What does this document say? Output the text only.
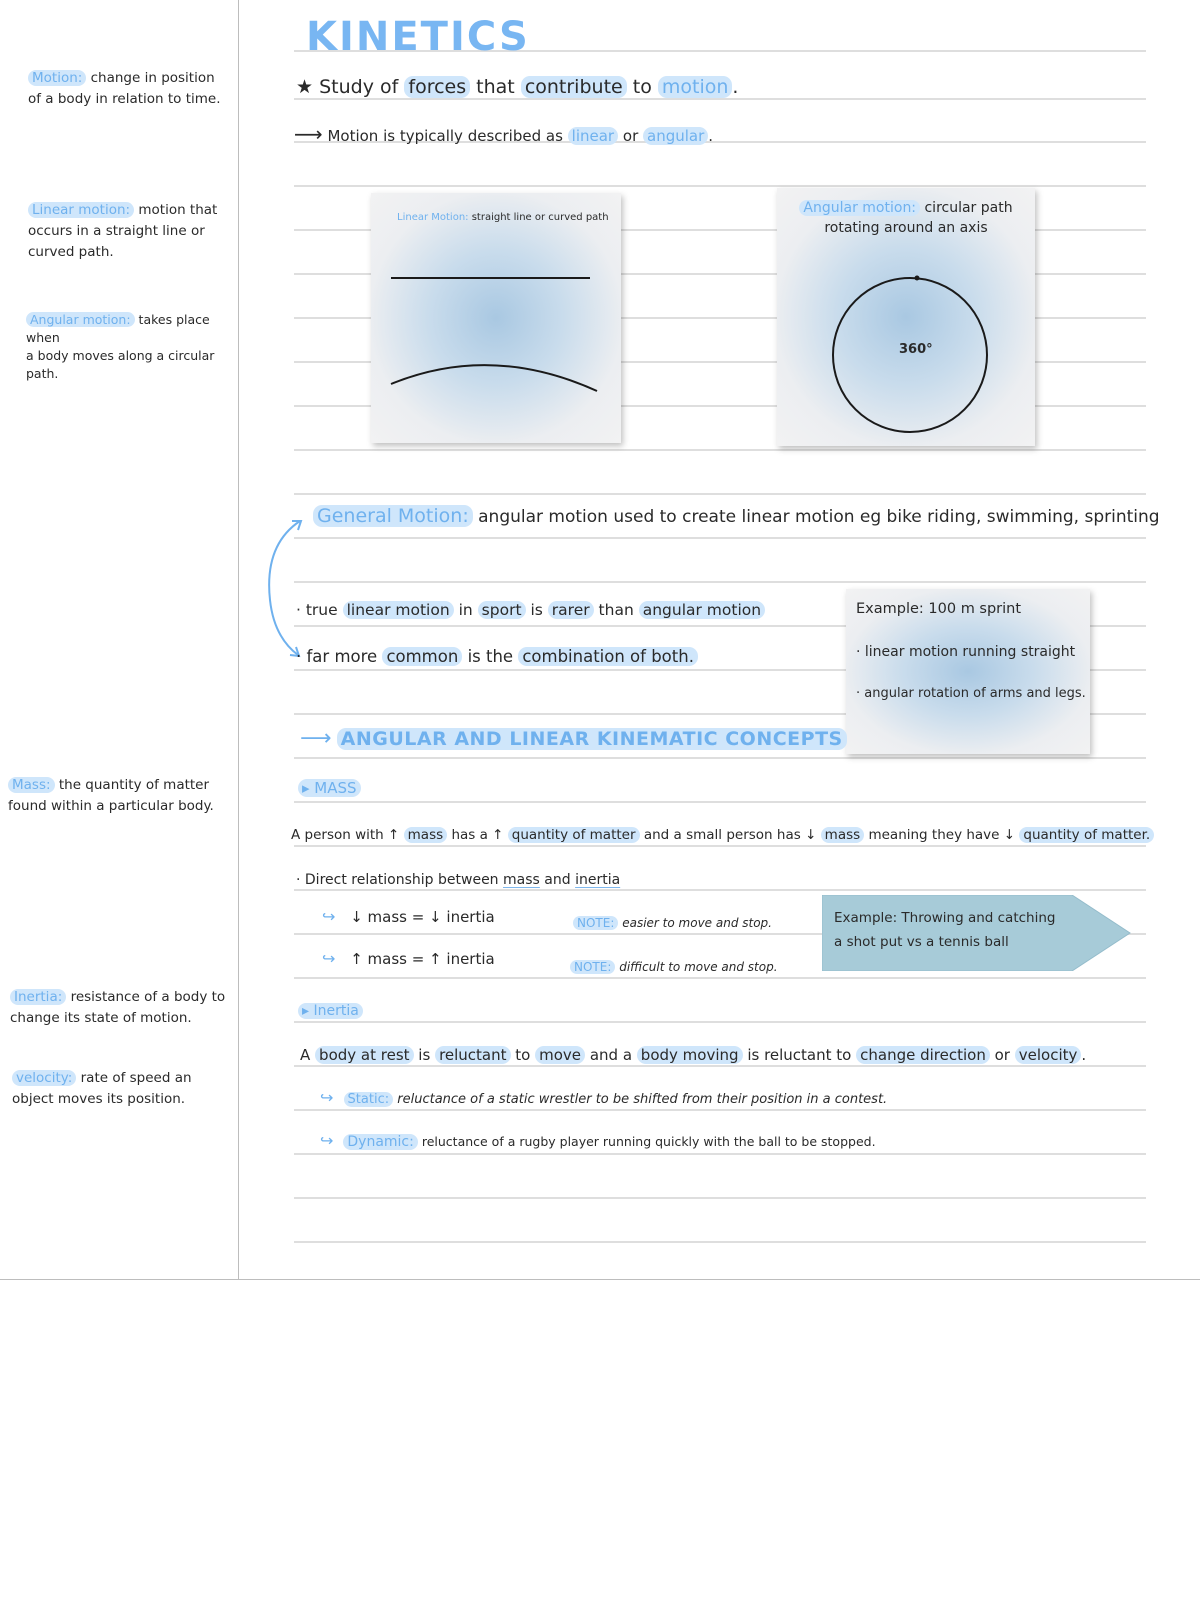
Motion: change in position
of a body in relation to time.
Linear motion: motion that
occurs in a straight line or
curved path.
Angular motion: takes place when
a body moves along a circular
path.
Mass: the quantity of matter
found within a particular body.
Inertia: resistance of a body to
change its state of motion.
velocity: rate of speed an
object moves its position.
KINETICS
★ Study of forces that contribute to motion .
⟶ Motion is typically described as linear or angular .
Linear Motion: straight line or curved path
Angular motion: circular path
rotating around an axis
360°
General Motion: angular motion used to create linear motion eg bike riding, swimming, sprinting
· true linear motion in sport is rarer than angular motion
· far more common is the combination of both.
Example: 100 m sprint
· linear motion running straight
· angular rotation of arms and legs.
⟶ ANGULAR AND LINEAR KINEMATIC CONCEPTS
▸ MASS
A person with ↑ mass has a ↑ quantity of matter and a small person has ↓ mass meaning they have ↓ quantity of matter.
· Direct relationship between mass and inertia
↪ ↓ mass = ↓ inertia	NOTE: easier to move and stop.
↪ ↑ mass = ↑ inertia	NOTE: difficult to move and stop.
Example: Throwing and catching
a shot put vs a tennis ball
▸ Inertia
A body at rest is reluctant to move and a body moving is reluctant to change direction or velocity .
↪ Static: reluctance of a static wrestler to be shifted from their position in a contest.
↪ Dynamic: reluctance of a rugby player running quickly with the ball to be stopped.
